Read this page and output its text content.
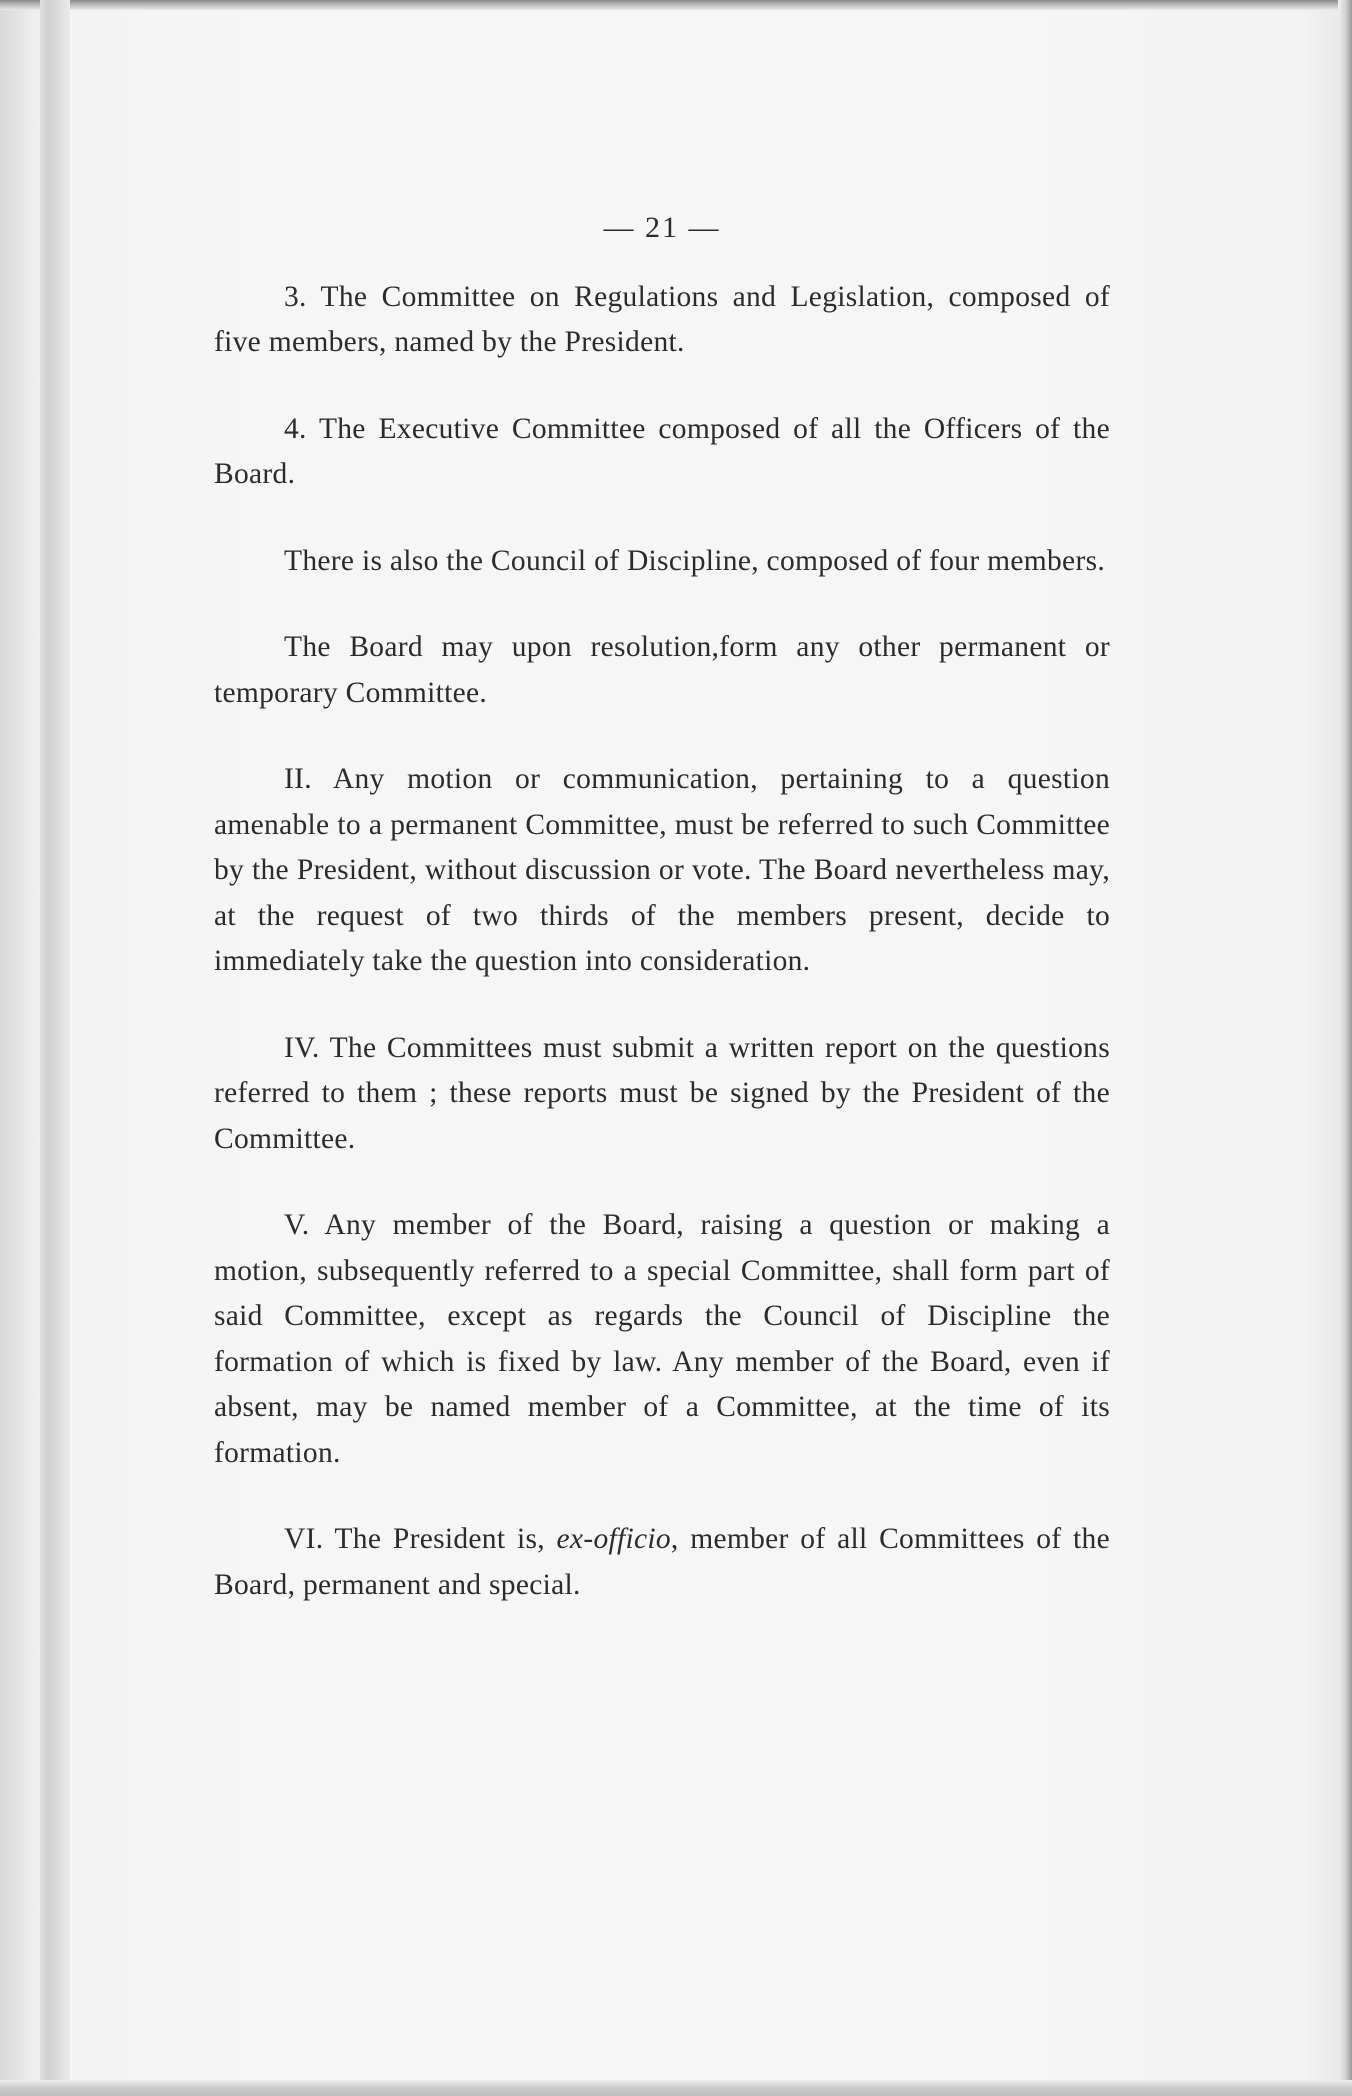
— 21 —

3. The Committee on Regulations and Legislation, composed of five members, named by the President.

4. The Executive Committee composed of all the Officers of the Board.

There is also the Council of Discipline, composed of four members.

The Board may upon resolution,form any other permanent or temporary Committee.

II. Any motion or communication, pertaining to a question amenable to a permanent Committee, must be referred to such Committee by the President, without discussion or vote. The Board nevertheless may, at the request of two thirds of the members present, decide to immediately take the question into consideration.

IV. The Committees must submit a written report on the questions referred to them ; these reports must be signed by the President of the Committee.

V. Any member of the Board, raising a question or making a motion, subsequently referred to a special Committee, shall form part of said Committee, except as regards the Council of Discipline the formation of which is fixed by law. Any member of the Board, even if absent, may be named member of a Committee, at the time of its formation.

VI. The President is, ex-officio, member of all Committees of the Board, permanent and special.
